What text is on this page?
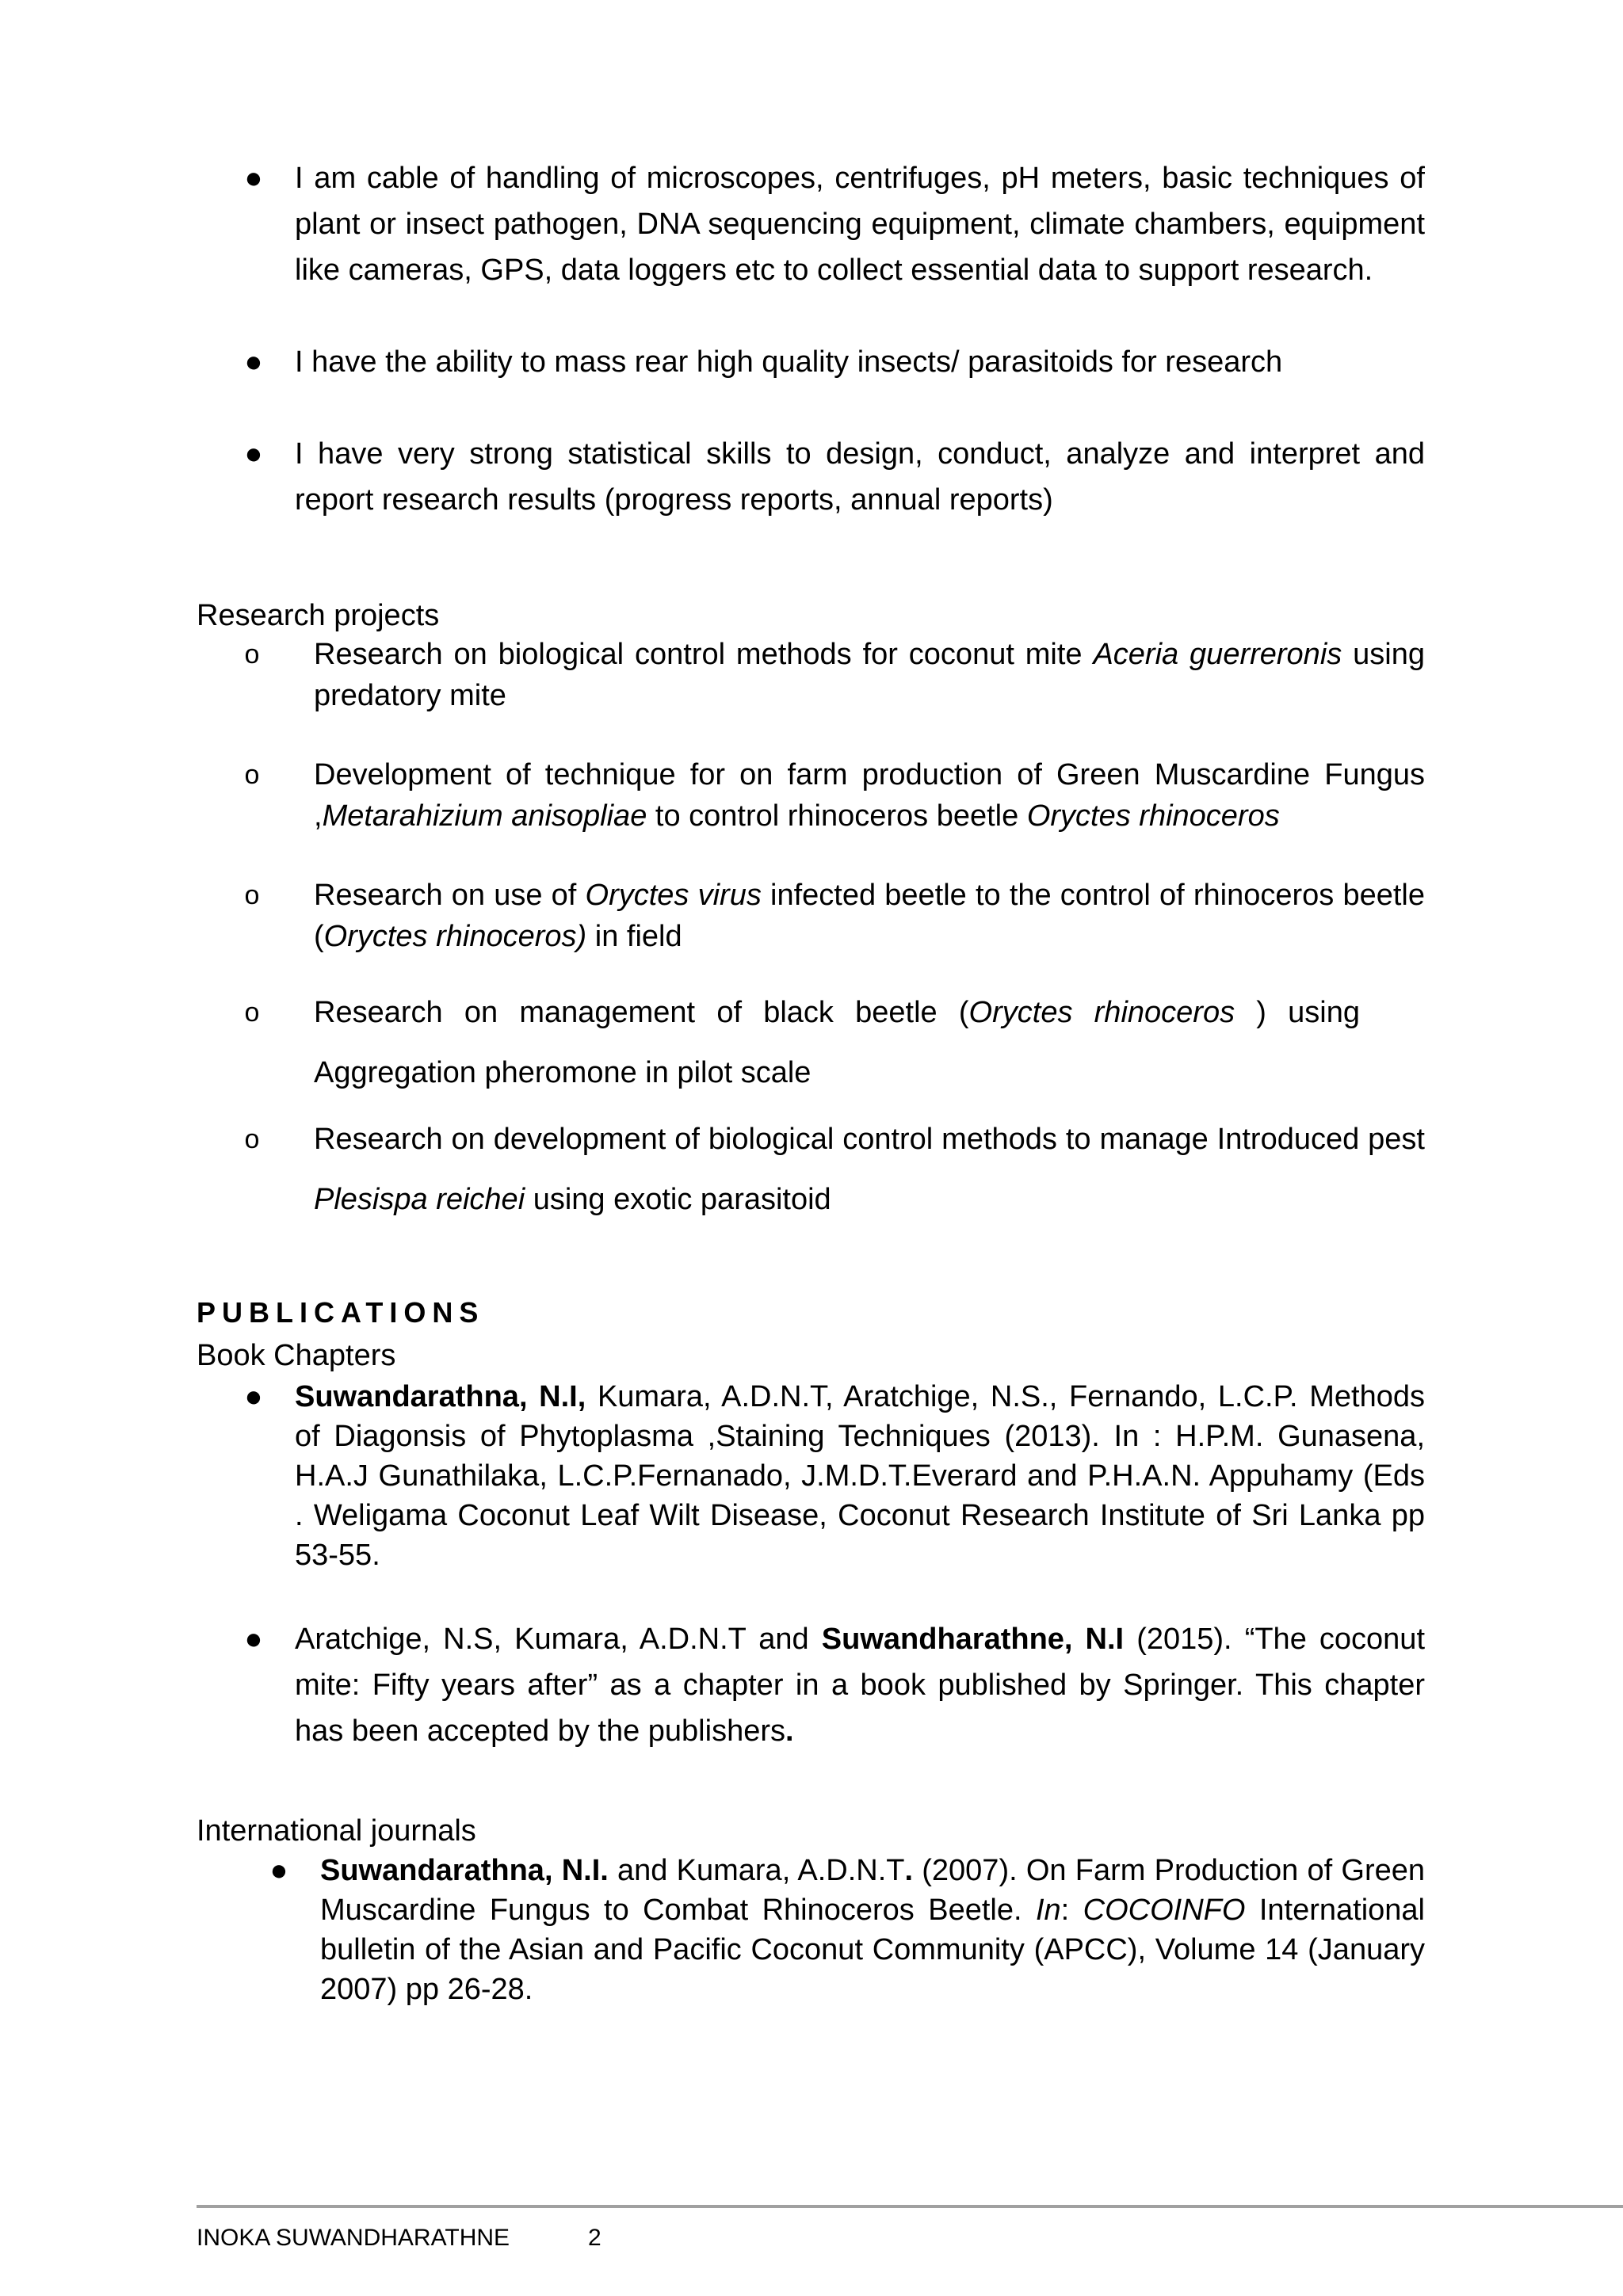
● I am cable of handling of microscopes, centrifuges, pH meters, basic techniques of plant or insect pathogen, DNA sequencing equipment, climate chambers, equipment like cameras, GPS, data loggers etc to collect essential data to support research.
● I have the ability to mass rear high quality insects/ parasitoids for research
● I have very strong statistical skills to design, conduct, analyze and interpret and report research results (progress reports, annual reports)
Research projects
o	Research on biological control methods for coconut mite Aceria guerreronis using predatory mite
o	Development of technique for on farm production of Green Muscardine Fungus ,Metarahizium anisopliae to control rhinoceros beetle Oryctes rhinoceros
o	Research on use of Oryctes virus infected beetle to the control of rhinoceros beetle (Oryctes rhinoceros) in field
o	Research on management of black beetle (Oryctes rhinoceros ) using Aggregation pheromone in pilot scale
o	Research on development of biological control methods to manage Introduced pest Plesispa reichei using exotic parasitoid
PUBLICATIONS
Book Chapters
● Suwandarathna, N.I, Kumara, A.D.N.T, Aratchige, N.S., Fernando, L.C.P. Methods of Diagonsis of Phytoplasma ,Staining Techniques (2013). In : H.P.M. Gunasena, H.A.J Gunathilaka, L.C.P.Fernanado, J.M.D.T.Everard and P.H.A.N. Appuhamy (Eds . Weligama Coconut Leaf Wilt Disease, Coconut Research Institute of Sri Lanka pp 53-55.
● Aratchige, N.S, Kumara, A.D.N.T and Suwandharathne, N.I (2015). “The coconut mite: Fifty years after” as a chapter in a book published by Springer. This chapter has been accepted by the publishers.
International journals
● Suwandarathna, N.I. and Kumara, A.D.N.T. (2007). On Farm Production of Green Muscardine Fungus to Combat Rhinoceros Beetle. In: COCOINFO International bulletin of the Asian and Pacific Coconut Community (APCC), Volume 14 (January 2007) pp 26-28.
INOKA SUWANDHARATHNE	2
